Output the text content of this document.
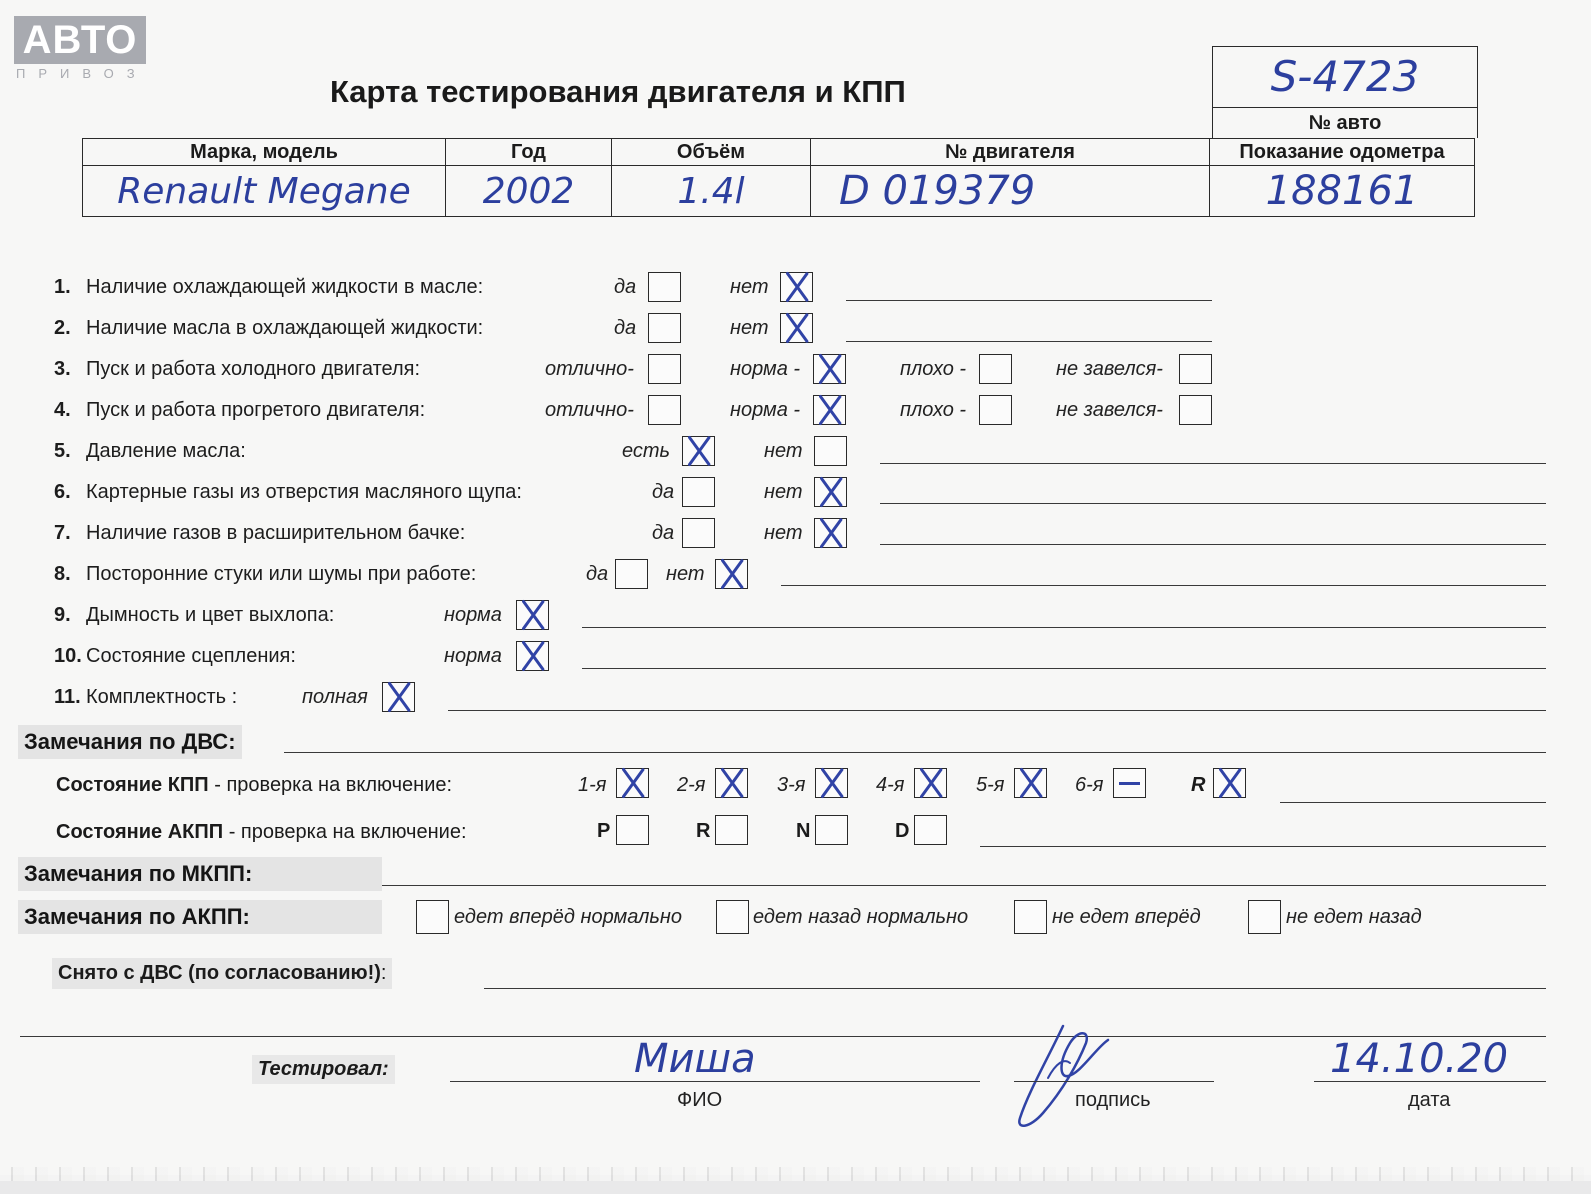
АВТО
ПРИВОЗ
Карта тестирования двигателя и КПП	S-4723
№ авто
Марка, модель	Год	Объём	№ двигателя	Показание одометра
Renault Megane	2002	1.4l	D 019379	188161
1. Наличие охлаждающей жидкости в масле:	да	нет
2. Наличие масла в охлаждающей жидкости:	да	нет
3. Пуск и работа холодного двигателя:	отлично-	норма -	плохо -	не завелся-
4. Пуск и работа прогретого двигателя:	отлично-	норма -	плохо -	не завелся-
5. Давление масла:	есть	нет
6. Картерные газы из отверстия масляного щупа:	да	нет
7. Наличие газов в расширительном бачке:	да	нет
8. Посторонние стуки или шумы при работе:	да	нет
9. Дымность и цвет выхлопа:	норма
10. Состояние сцепления:	норма
11. Комплектность :	полная
Замечания по ДВС:
Состояние КПП - проверка на включение:	1-я	2-я	3-я	4-я	5-я	6-я	R
Состояние АКПП - проверка на включение:	P	R	N	D
Замечания по МКПП:
Замечания по АКПП:	едет вперёд нормально	едет назад нормально	не едет вперёд	не едет назад
Снято с ДВС (по согласованию!):
Тестировал:	Миша
ФИО	подпись
14.10.20
дата
